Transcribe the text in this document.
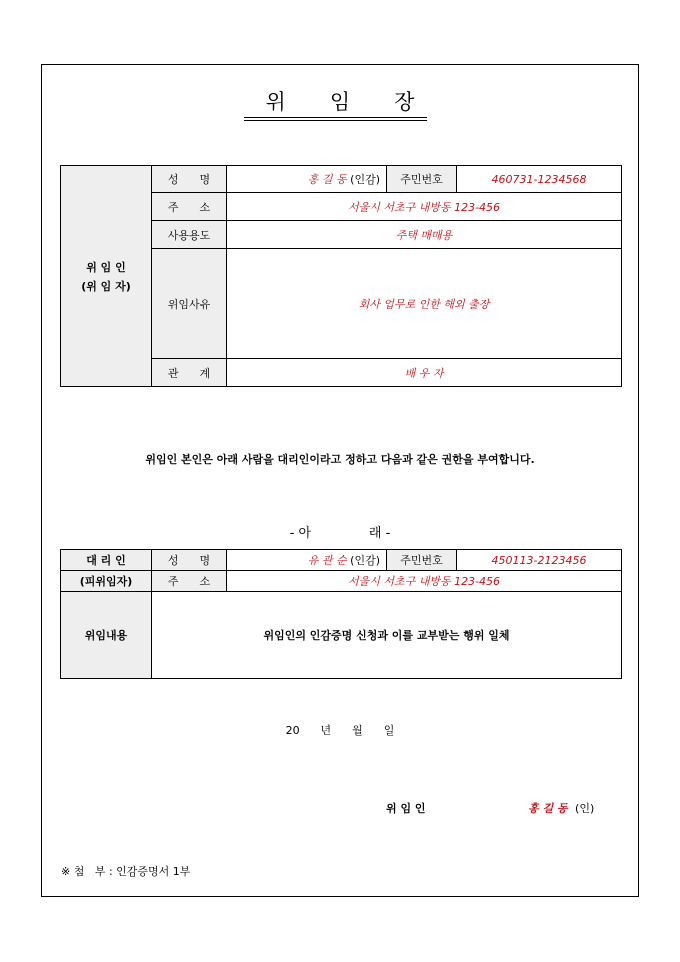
위 임 장
위 임 인
(위 임 자)	성      명	홍 길 동 (인감)	주민번호	460731-1234568
	주      소	서울시 서초구 내방동 123-456		
	사용용도	주택 매매용		
	위임사유	회사 업무로 인한 해외 출장		
	관      계	배 우 자		
위임인 본인은 아래 사람을 대리인이라고 정하고 다음과 같은 권한을 부여합니다.
- 아              래 -
대 리 인	성      명	유 관 순 (인감)	주민번호	450113-2123456
(피위임자)	주      소	서울시 서초구 내방동 123-456		
위임내용	위임인의 인감증명 신청과 이를 교부받는 행위 일체			
20      년      월      일
위 임 인	홍 길 동 (인)
※ 첨   부 : 인감증명서 1부
